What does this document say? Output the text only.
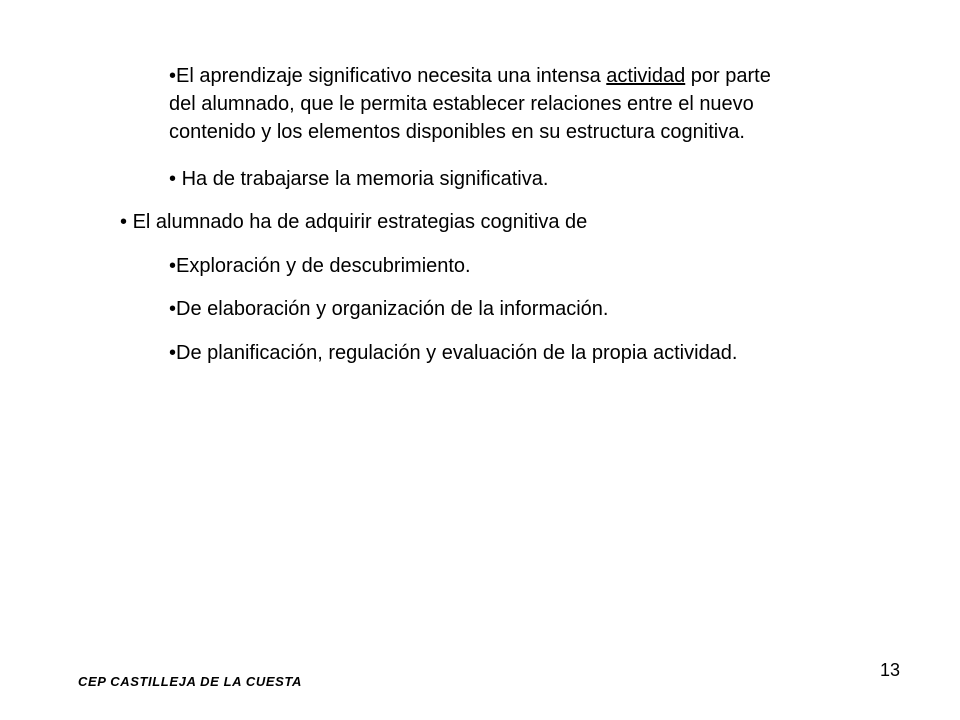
•El aprendizaje significativo necesita una intensa actividad por parte
del alumnado, que le permita establecer relaciones entre el nuevo
contenido y los elementos disponibles en su estructura cognitiva.
• Ha de trabajarse la memoria significativa.
• El alumnado ha de adquirir estrategias cognitiva de
•Exploración y de descubrimiento.
•De elaboración y organización de la información.
•De planificación, regulación y evaluación de la propia actividad.
CEP CASTILLEJA DE LA CUESTA
13
